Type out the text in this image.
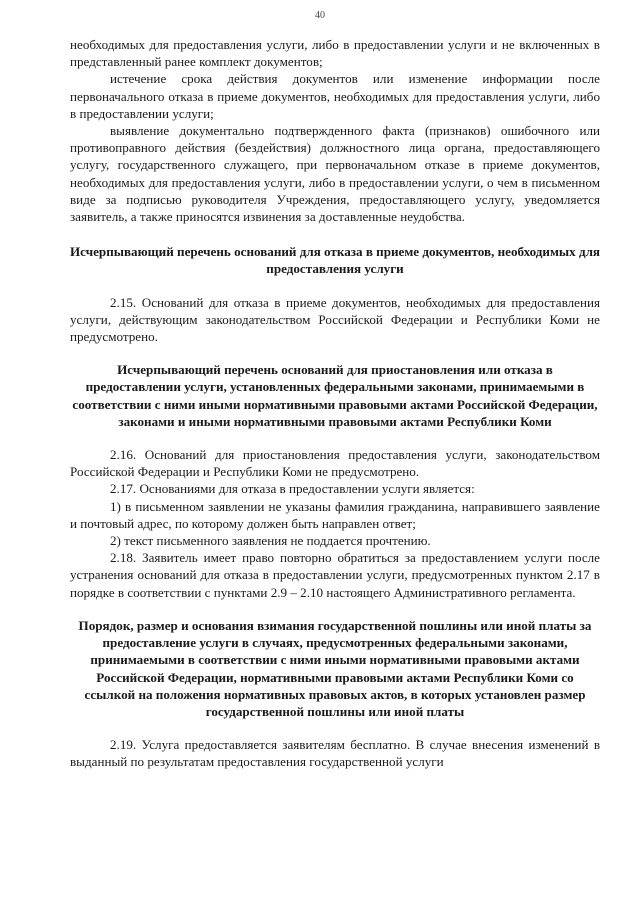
40

необходимых для предоставления услуги, либо в предоставлении услуги и не включенных в представленный ранее комплект документов;

истечение срока действия документов или изменение информации после первоначального отказа в приеме документов, необходимых для предоставления услуги, либо в предоставлении услуги;

выявление документально подтвержденного факта (признаков) ошибочного или противоправного действия (бездействия) должностного лица органа, предоставляющего услугу, государственного служащего, при первоначальном отказе в приеме документов, необходимых для предоставления услуги, либо в предоставлении услуги, о чем в письменном виде за подписью руководителя Учреждения, предоставляющего услугу, уведомляется заявитель, а также приносятся извинения за доставленные неудобства.

Исчерпывающий перечень оснований для отказа в приеме документов, необходимых для предоставления услуги

2.15. Оснований для отказа в приеме документов, необходимых для предоставления услуги, действующим законодательством Российской Федерации и Республики Коми не предусмотрено.

Исчерпывающий перечень оснований для приостановления или отказа в предоставлении услуги, установленных федеральными законами, принимаемыми в соответствии с ними иными нормативными правовыми актами Российской Федерации, законами и иными нормативными правовыми актами Республики Коми

2.16. Оснований для приостановления предоставления услуги, законодательством Российской Федерации и Республики Коми не предусмотрено.

2.17. Основаниями для отказа в предоставлении услуги является:

1) в письменном заявлении не указаны фамилия гражданина, направившего заявление и почтовый адрес, по которому должен быть направлен ответ;

2) текст письменного заявления не поддается прочтению.

2.18. Заявитель имеет право повторно обратиться за предоставлением услуги после устранения оснований для отказа в предоставлении услуги, предусмотренных пунктом 2.17 в порядке в соответствии с пунктами 2.9 – 2.10 настоящего Административного регламента.

Порядок, размер и основания взимания государственной пошлины или иной платы за предоставление услуги в случаях, предусмотренных федеральными законами, принимаемыми в соответствии с ними иными нормативными правовыми актами Российской Федерации, нормативными правовыми актами Республики Коми со ссылкой на положения нормативных правовых актов, в которых установлен размер государственной пошлины или иной платы

2.19. Услуга предоставляется заявителям бесплатно. В случае внесения изменений в выданный по результатам предоставления государственной услуги
